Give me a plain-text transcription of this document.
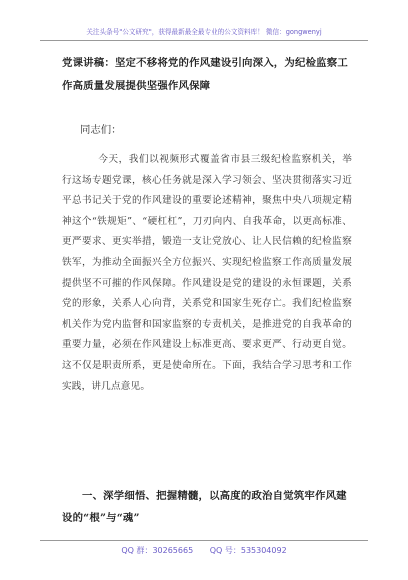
关注头条号"公文研究"，获得最新最全最专业的公文资料库！ 微信：gongwenyj
党课讲稿：坚定不移将党的作风建设引向深入，为纪检监察工作高质量发展提供坚强作风保障
同志们：
今天，我们以视频形式覆盖省市县三级纪检监察机关，举行这场专题党课，核心任务就是深入学习领会、坚决贯彻落实习近平总书记关于党的作风建设的重要论述精神，聚焦中央八项规定精神这个“铁规矩”、“硬杠杠”，刀刃向内、自我革命，以更高标准、更严要求、更实举措，锻造一支让党放心、让人民信赖的纪检监察铁军，为推动全面振兴全方位振兴、实现纪检监察工作高质量发展提供坚不可摧的作风保障。作风建设是党的建设的永恒课题，关系党的形象，关系人心向背，关系党和国家生死存亡。我们纪检监察机关作为党内监督和国家监察的专责机关，是推进党的自我革命的重要力量，必须在作风建设上标准更高、要求更严、行动更自觉。这不仅是职责所系，更是使命所在。下面，我结合学习思考和工作实践，讲几点意见。
一、深学细悟、把握精髓，以高度的政治自觉筑牢作风建设的“根”与“魂”
QQ 群：30265665 QQ 号：535304092
